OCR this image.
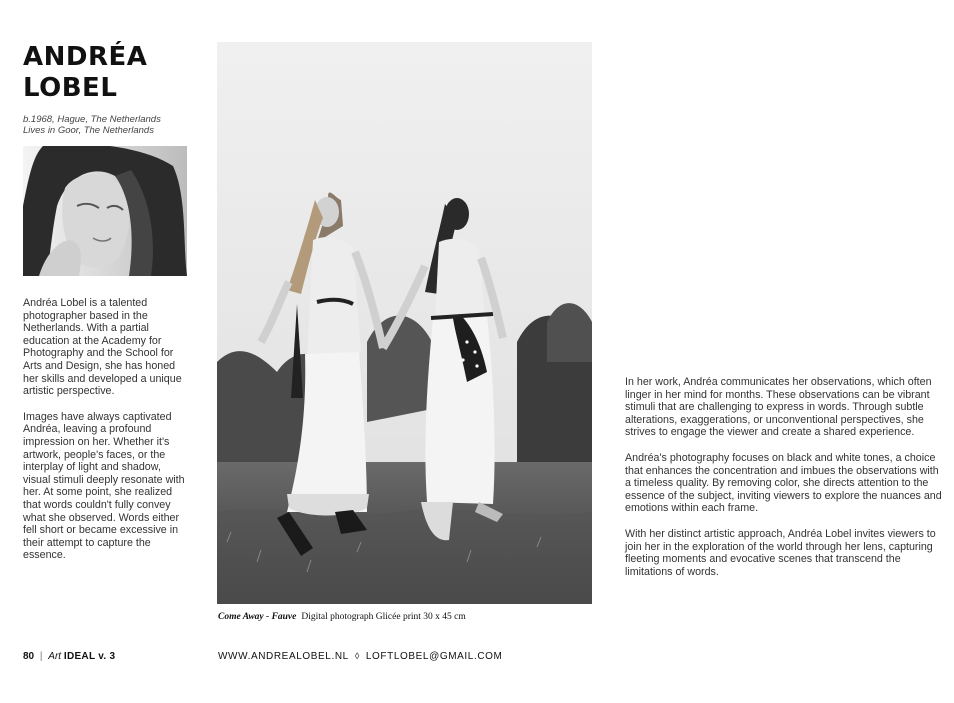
ANDRÉA
LOBEL
b.1968, Hague, The Netherlands
Lives in Goor, The Netherlands

Andréa Lobel is a talented photographer based in the Netherlands. With a partial education at the Academy for Photography and the School for Arts and Design, she has honed her skills and developed a unique artistic perspective.

Images have always captivated Andréa, leaving a profound impression on her. Whether it's artwork, people's faces, or the interplay of light and shadow, visual stimuli deeply resonate with her. At some point, she realized that words couldn't fully convey what she observed. Words either fell short or became excessive in their attempt to capture the essence.

Come Away - Fauve Digital photograph Glicée print 30 x 45 cm

In her work, Andréa communicates her observations, which often linger in her mind for months. These observations can be vibrant stimuli that are challenging to express in words. Through subtle alterations, exaggerations, or unconventional perspectives, she strives to engage the viewer and create a shared experience.

Andréa's photography focuses on black and white tones, a choice that enhances the concentration and imbues the observations with a timeless quality. By removing color, she directs attention to the essence of the subject, inviting viewers to explore the nuances and emotions within each frame.

With her distinct artistic approach, Andréa Lobel invites viewers to join her in the exploration of the world through her lens, capturing fleeting moments and evocative scenes that transcend the limitations of words.

80 | Art IDEAL v. 3	WWW.ANDREALOBEL.NL ◊ LOFTLOBEL@GMAIL.COM
